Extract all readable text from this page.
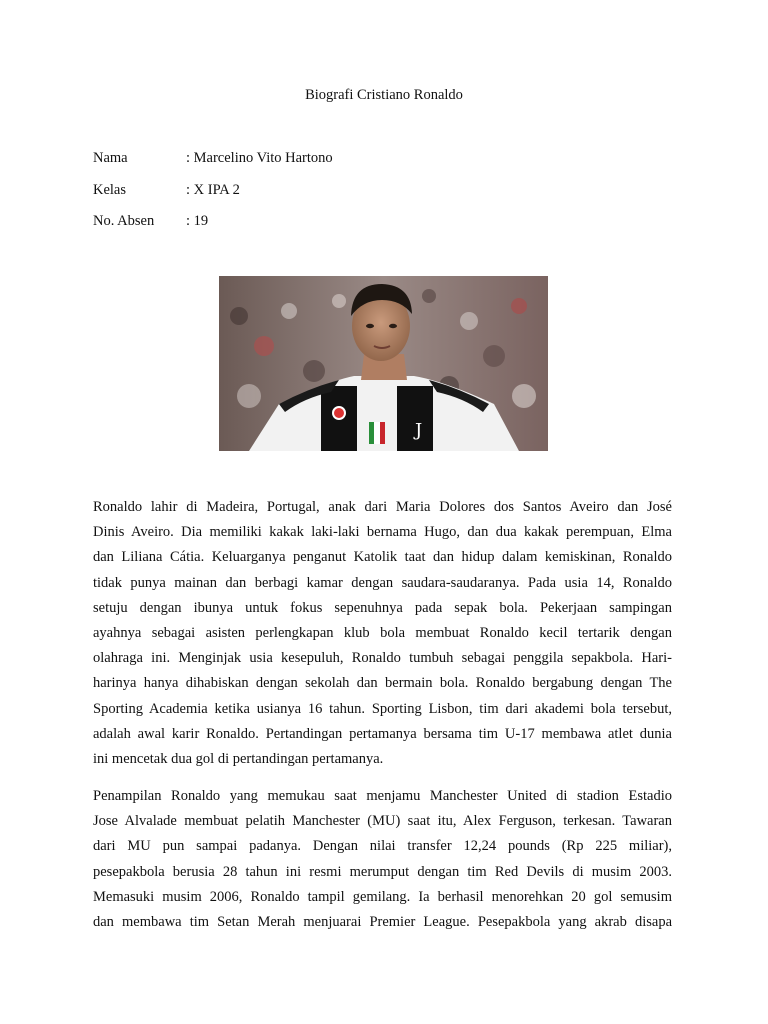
Biografi Cristiano Ronaldo
Nama	: Marcelino Vito Hartono
Kelas	: X IPA 2
No. Absen : 19
J
Ronaldo lahir di Madeira, Portugal, anak dari Maria Dolores dos Santos Aveiro dan José
Dinis Aveiro. Dia memiliki kakak laki-laki bernama Hugo, dan dua kakak perempuan, Elma
dan Liliana Cátia. Keluarganya penganut Katolik taat dan hidup dalam kemiskinan, Ronaldo
tidak punya mainan dan berbagi kamar dengan saudara-saudaranya. Pada usia 14, Ronaldo
setuju dengan ibunya untuk fokus sepenuhnya pada sepak bola. Pekerjaan sampingan
ayahnya sebagai asisten perlengkapan klub bola membuat Ronaldo kecil tertarik dengan
olahraga ini. Menginjak usia kesepuluh, Ronaldo tumbuh sebagai penggila sepakbola. Hari-
harinya hanya dihabiskan dengan sekolah dan bermain bola. Ronaldo bergabung dengan The
Sporting Academia ketika usianya 16 tahun. Sporting Lisbon, tim dari akademi bola tersebut,
adalah awal karir Ronaldo. Pertandingan pertamanya bersama tim U-17 membawa atlet dunia
ini mencetak dua gol di pertandingan pertamanya.
Penampilan Ronaldo yang memukau saat menjamu Manchester United di stadion Estadio
Jose Alvalade membuat pelatih Manchester (MU) saat itu, Alex Ferguson, terkesan. Tawaran
dari MU pun sampai padanya. Dengan nilai transfer 12,24 pounds (Rp 225 miliar),
pesepakbola berusia 28 tahun ini resmi merumput dengan tim Red Devils di musim 2003.
Memasuki musim 2006, Ronaldo tampil gemilang. Ia berhasil menorehkan 20 gol semusim
dan membawa tim Setan Merah menjuarai Premier League. Pesepakbola yang akrab disapa
